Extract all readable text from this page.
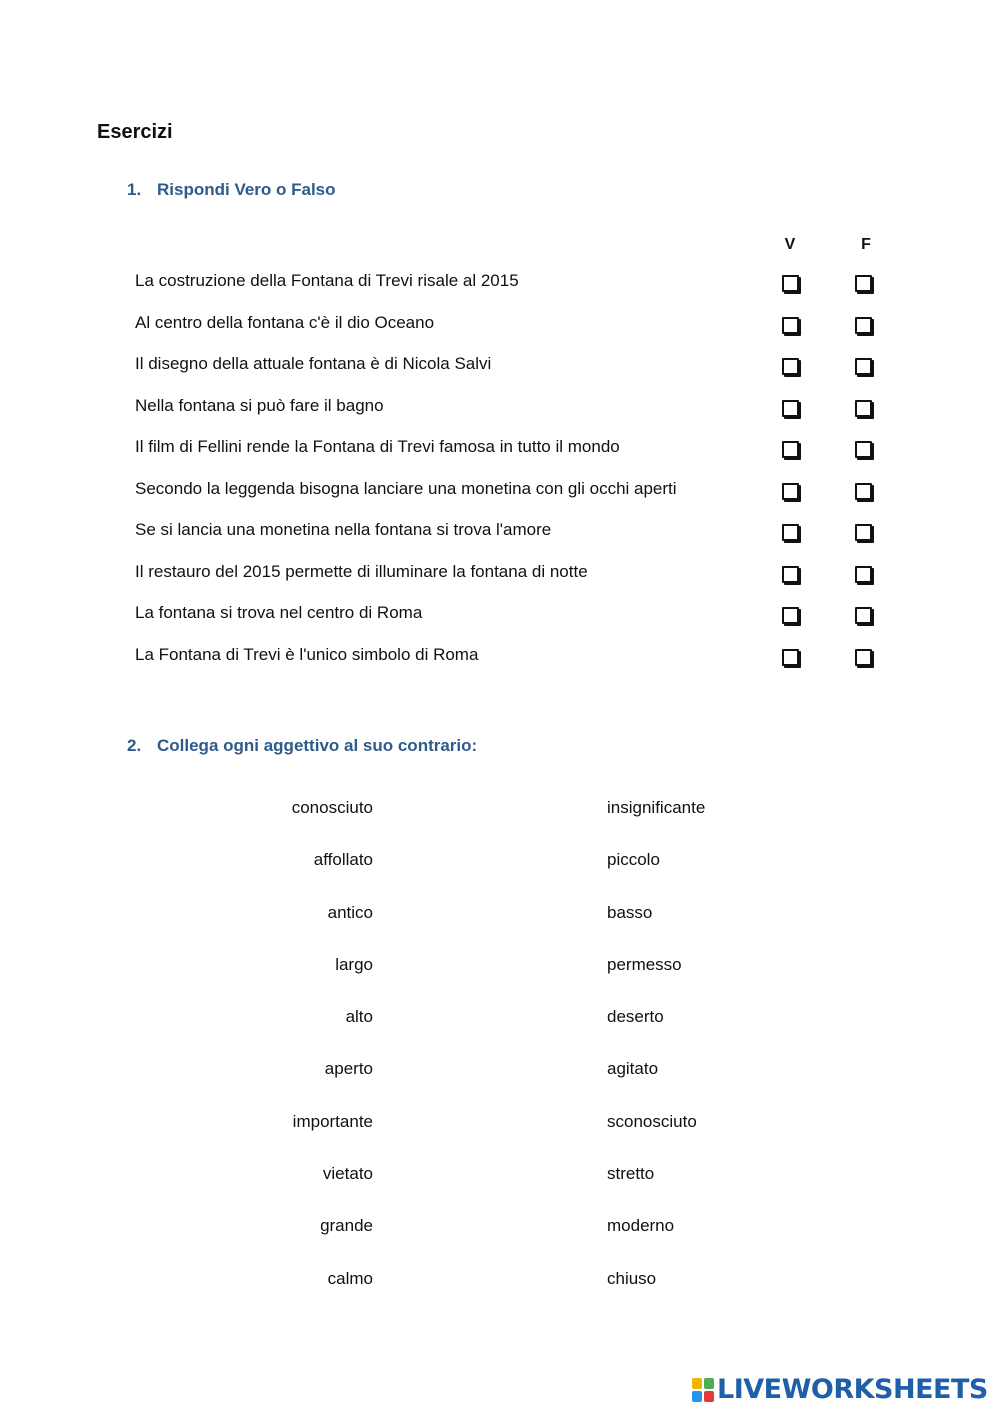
Esercizi
1. Rispondi Vero o Falso
V	F
La costruzione della Fontana di Trevi risale al 2015
Al centro della fontana c'è il dio Oceano
Il disegno della attuale fontana è di Nicola Salvi
Nella fontana si può fare il bagno
Il film di Fellini rende la Fontana di Trevi famosa in tutto il mondo
Secondo la leggenda bisogna lanciare una monetina con gli occhi aperti
Se si lancia una monetina nella fontana si trova l'amore
Il restauro del 2015 permette di illuminare la fontana di notte
La fontana si trova nel centro di Roma
La Fontana di Trevi è l'unico simbolo di Roma
2. Collega ogni aggettivo al suo contrario:
conosciuto
affollato
antico
largo
alto
aperto
importante
vietato
grande
calmo
insignificante
piccolo
basso
permesso
deserto
agitato
sconosciuto
stretto
moderno
chiuso
LIVEWORKSHEETS
